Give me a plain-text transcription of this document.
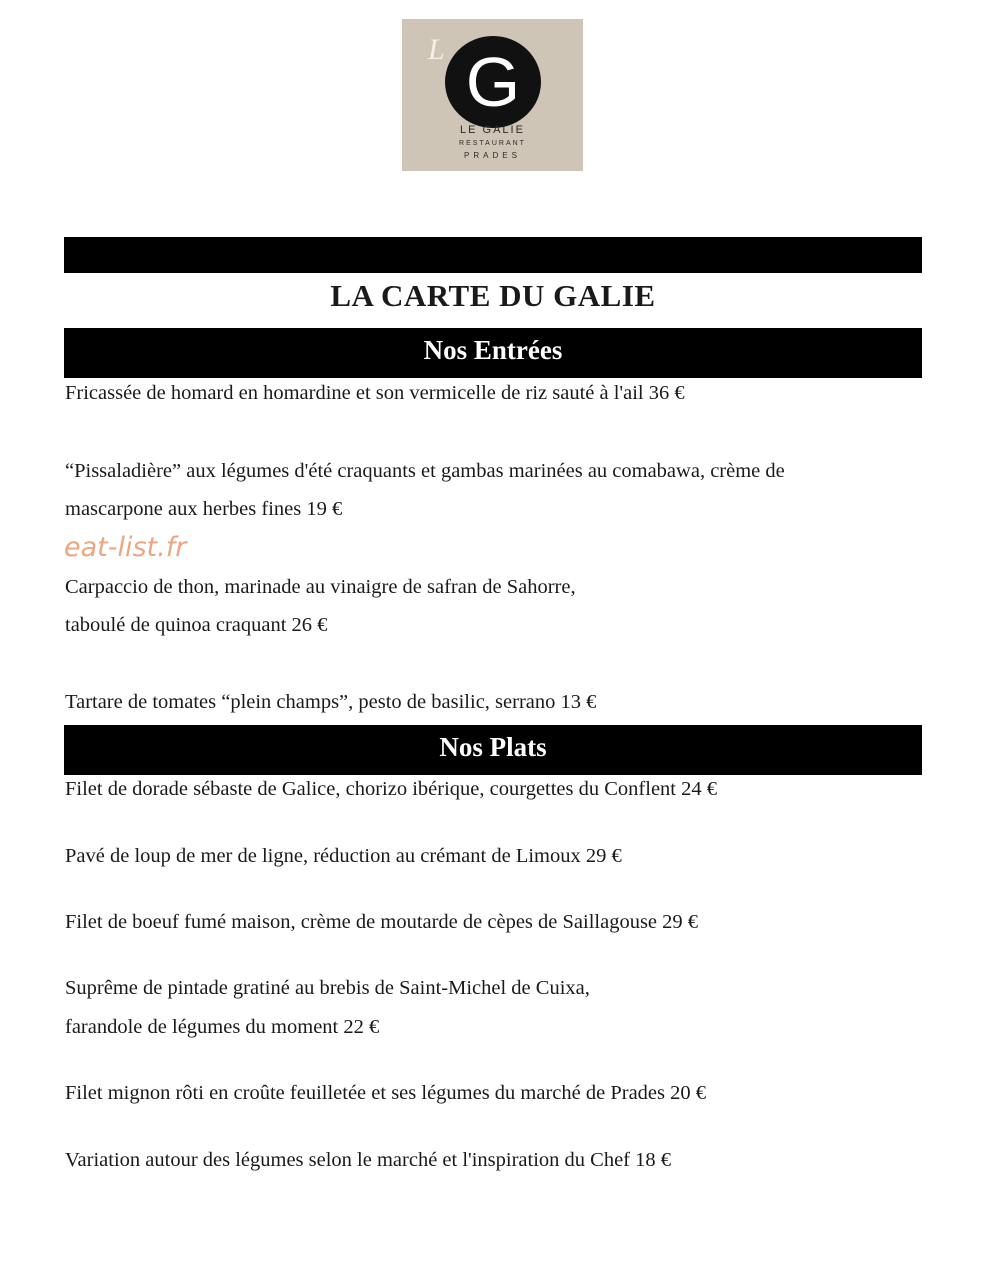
L G
LE GALIE
RESTAURANT
PRADES
LA CARTE DU GALIE
Nos Entrées
Fricassée de homard en homardine et son vermicelle de riz sauté à l'ail 36 €
“Pissaladière” aux légumes d'été craquants et gambas marinées au comabawa, crème de
mascarpone aux herbes fines 19 €
eat-list.fr
Carpaccio de thon, marinade au vinaigre de safran de Sahorre,
taboulé de quinoa craquant 26 €
Tartare de tomates “plein champs”, pesto de basilic, serrano 13 €
Nos Plats
Filet de dorade sébaste de Galice, chorizo ibérique, courgettes du Conflent 24 €
Pavé de loup de mer de ligne, réduction au crémant de Limoux 29 €
Filet de boeuf fumé maison, crème de moutarde de cèpes de Saillagouse 29 €
Suprême de pintade gratiné au brebis de Saint-Michel de Cuixa,
farandole de légumes du moment 22 €
Filet mignon rôti en croûte feuilletée et ses légumes du marché de Prades 20 €
Variation autour des légumes selon le marché et l'inspiration du Chef 18 €
